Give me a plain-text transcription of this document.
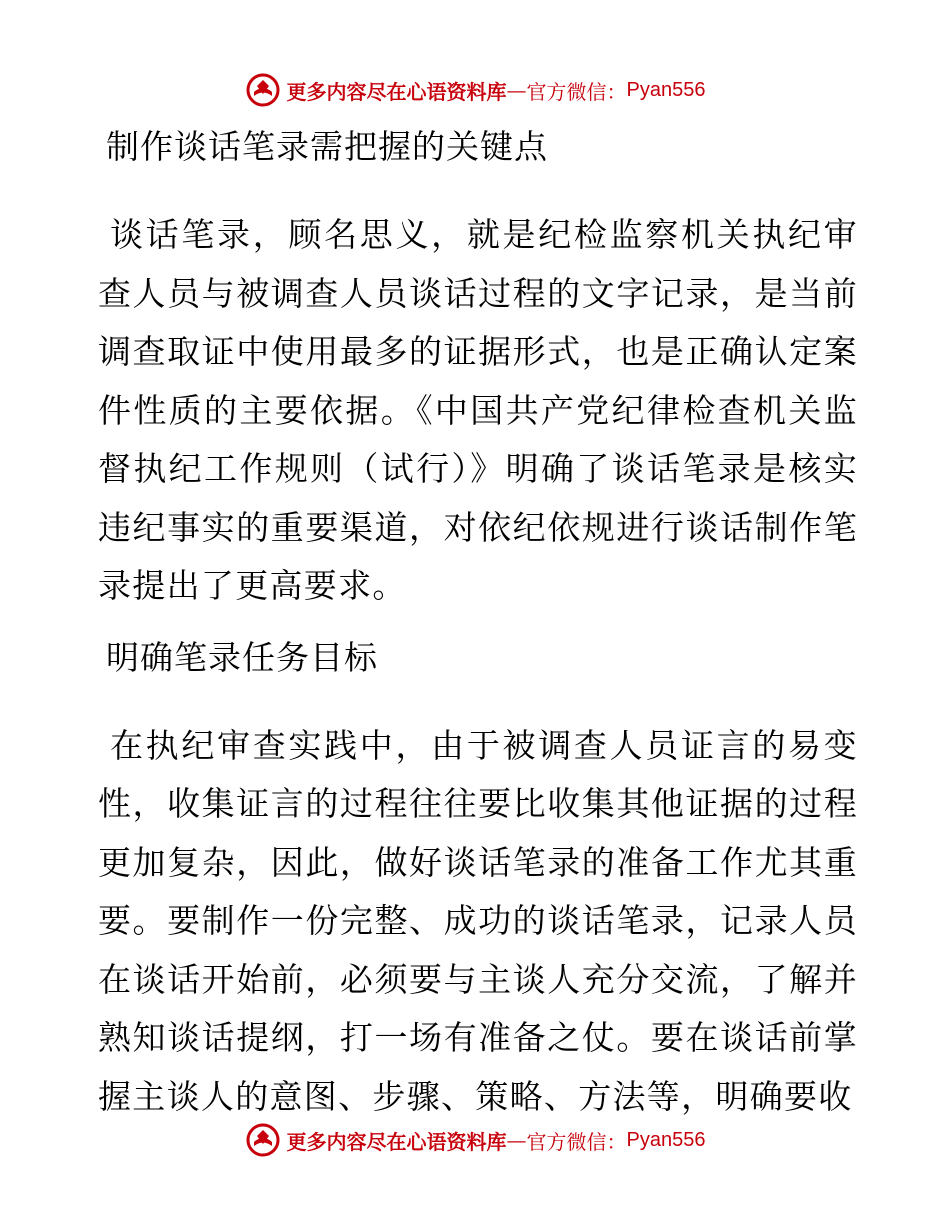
更多内容尽在心语资料库 — 官方微信： Pyan556
制作谈话笔录需把握的关键点

谈话笔录，顾名思义，就是纪检监察机关执纪审查人员与被调查人员谈话过程的文字记录，是当前调查取证中使用最多的证据形式，也是正确认定案件性质的主要依据。《中国共产党纪律检查机关监督执纪工作规则（试行）》明确了谈话笔录是核实违纪事实的重要渠道，对依纪依规进行谈话制作笔录提出了更高要求。

明确笔录任务目标

在执纪审查实践中，由于被调查人员证言的易变性，收集证言的过程往往要比收集其他证据的过程更加复杂，因此，做好谈话笔录的准备工作尤其重要。要制作一份完整、成功的谈话笔录，记录人员在谈话开始前，必须要与主谈人充分交流，了解并熟知谈话提纲，打一场有准备之仗。要在谈话前掌握主谈人的意图、步骤、策略、方法等，明确要收

更多内容尽在心语资料库 — 官方微信： Pyan556
